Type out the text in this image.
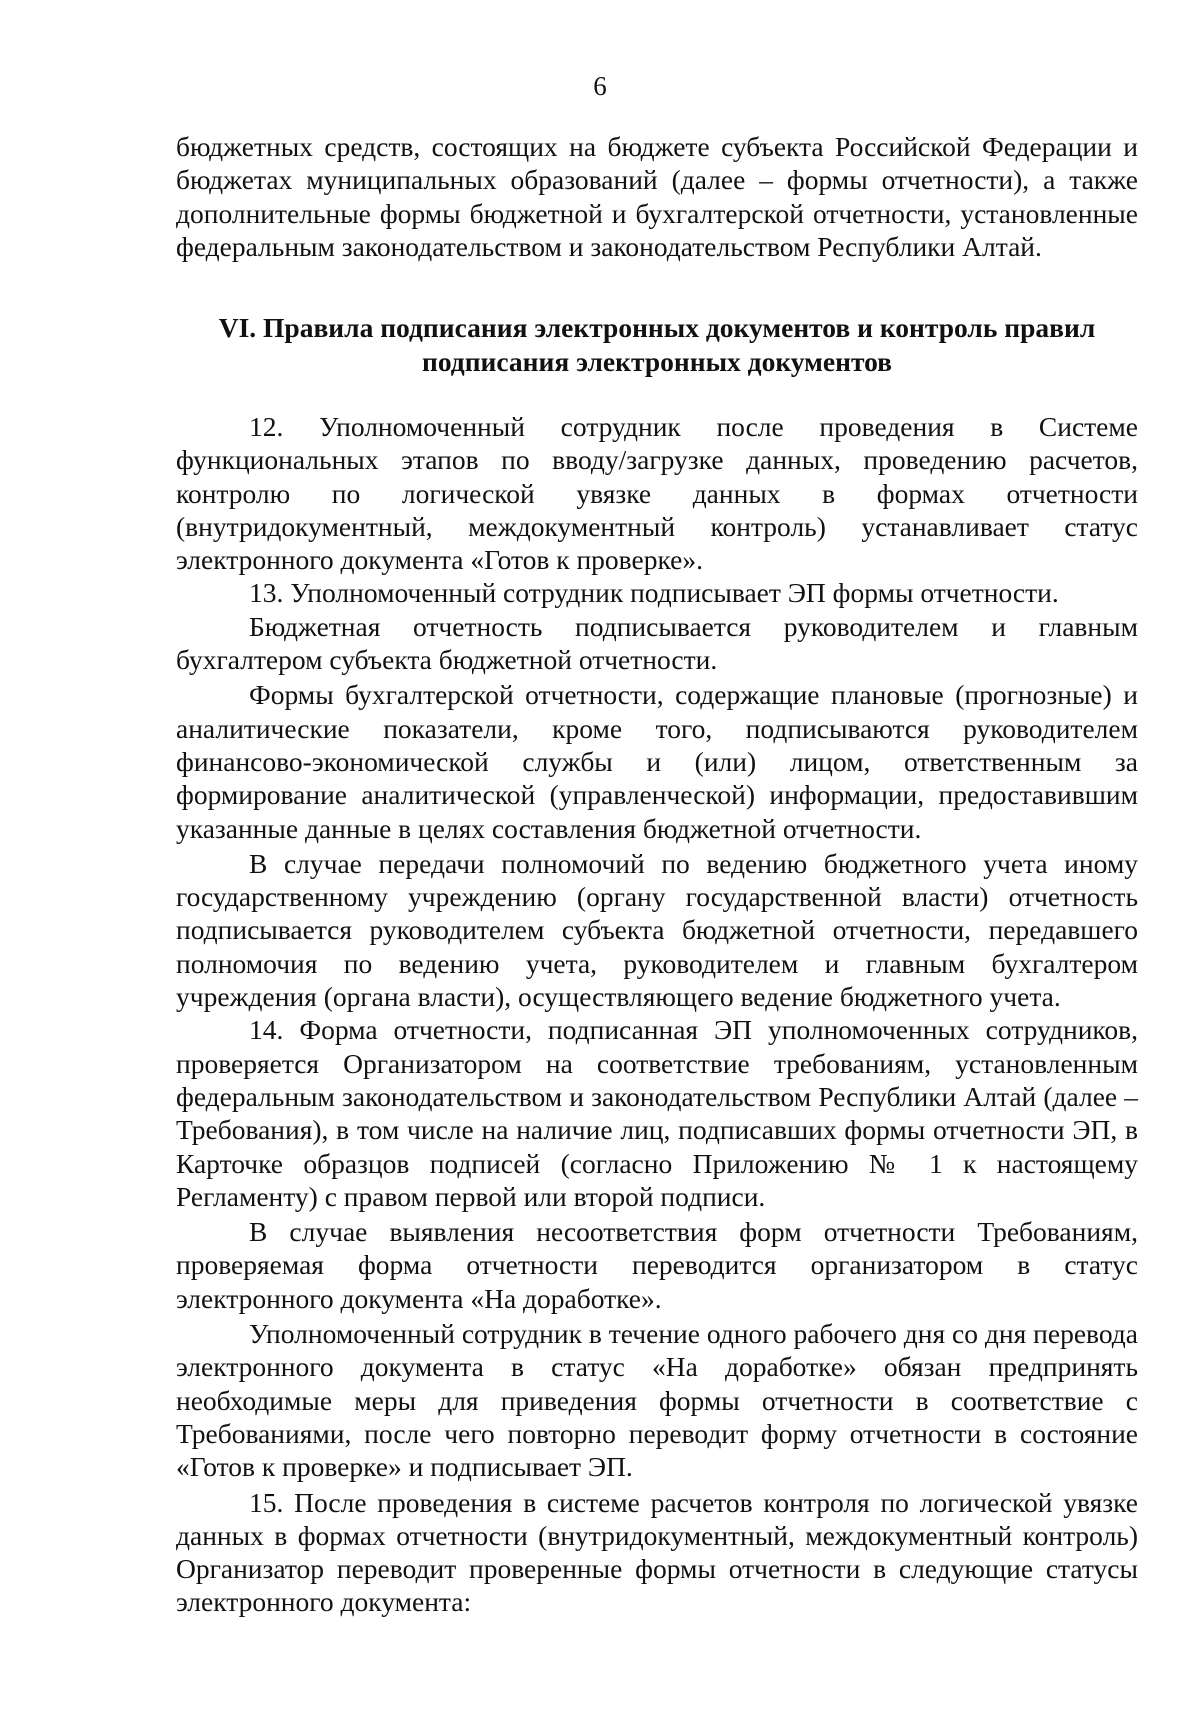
6

бюджетных средств, состоящих на бюджете субъекта Российской Федерации и бюджетах муниципальных образований (далее – формы отчетности), а также дополнительные формы бюджетной и бухгалтерской отчетности, установленные федеральным законодательством и законодательством Республики Алтай.

VI. Правила подписания электронных документов и контроль правил
подписания электронных документов

12. Уполномоченный сотрудник после проведения в Системе функциональных этапов по вводу/загрузке данных, проведению расчетов, контролю по логической увязке данных в формах отчетности (внутридокументный, междокументный контроль) устанавливает статус электронного документа «Готов к проверке».

13. Уполномоченный сотрудник подписывает ЭП формы отчетности.

Бюджетная отчетность подписывается руководителем и главным бухгалтером субъекта бюджетной отчетности.

Формы бухгалтерской отчетности, содержащие плановые (прогнозные) и аналитические показатели, кроме того, подписываются руководителем финансово-экономической службы и (или) лицом, ответственным за формирование аналитической (управленческой) информации, предоставившим указанные данные в целях составления бюджетной отчетности.

В случае передачи полномочий по ведению бюджетного учета иному государственному учреждению (органу государственной власти) отчетность подписывается руководителем субъекта бюджетной отчетности, передавшего полномочия по ведению учета, руководителем и главным бухгалтером учреждения (органа власти), осуществляющего ведение бюджетного учета.

14. Форма отчетности, подписанная ЭП уполномоченных сотрудников, проверяется Организатором на соответствие требованиям, установленным федеральным законодательством и законодательством Республики Алтай (далее – Требования), в том числе на наличие лиц, подписавших формы отчетности ЭП, в Карточке образцов подписей (согласно Приложению № 1 к настоящему Регламенту) с правом первой или второй подписи.

В случае выявления несоответствия форм отчетности Требованиям, проверяемая форма отчетности переводится организатором в статус электронного документа «На доработке».

Уполномоченный сотрудник в течение одного рабочего дня со дня перевода электронного документа в статус «На доработке» обязан предпринять необходимые меры для приведения формы отчетности в соответствие с Требованиями, после чего повторно переводит форму отчетности в состояние «Готов к проверке» и подписывает ЭП.

15. После проведения в системе расчетов контроля по логической увязке данных в формах отчетности (внутридокументный, междокументный контроль) Организатор переводит проверенные формы отчетности в следующие статусы электронного документа:
